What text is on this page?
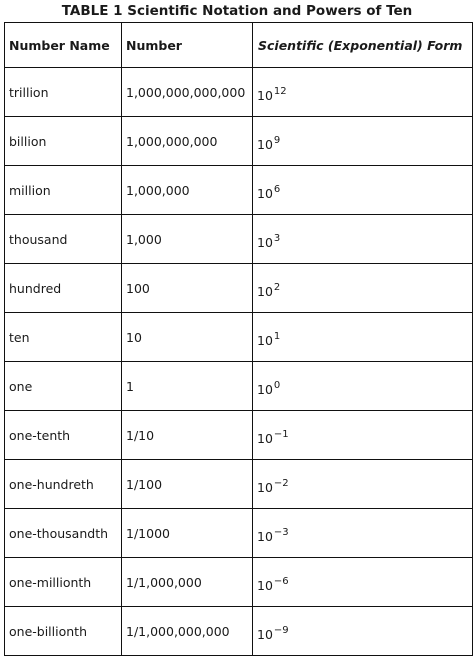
TABLE 1 Scientific Notation and Powers of Ten
Number Name	Number	Scientific (Exponential) Form
trillion	1,000,000,000,000	$10^{12}$
billion	1,000,000,000	$10^9$
million	1,000,000	$10^6$
thousand	1,000	$10^3$
hundred	100	$10^2$
ten	10	$10^1$
one	1	$10^0$
one-tenth	1/10	$10^{-1}$
one-hundreth	1/100	$10^{-2}$
one-thousandth	1/1000	$10^{-3}$
one-millionth	1/1,000,000	$10^{-6}$
one-billionth	1/1,000,000,000	$10^{-9}$
